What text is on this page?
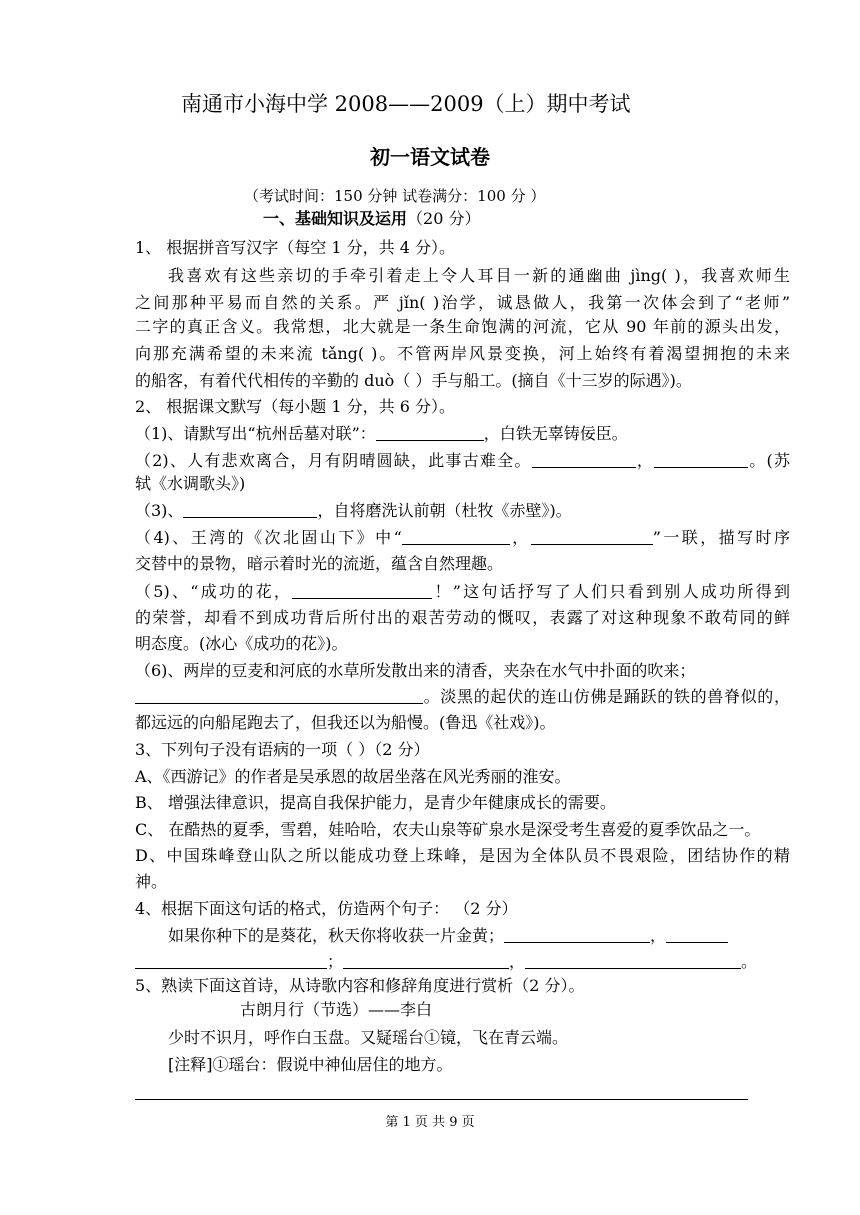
南通市小海中学 2008——2009（上）期中考试
初一语文试卷
（考试时间：150 分钟 试卷满分：100 分 ）
一、基础知识及运用（20 分）
1、 根据拼音写汉字（每空 1 分，共 4 分）。
我喜欢有这些亲切的手牵引着走上令人耳目一新的通幽曲 jìng( )，我喜欢师生
之间那种平易而自然的关系。严 jǐn( )治学，诚恳做人，我第一次体会到了“老师”
二字的真正含义。我常想，北大就是一条生命饱满的河流，它从 90 年前的源头出发，
向那充满希望的未来流 tǎng( )。不管两岸风景变换，河上始终有着渴望拥抱的未来
的船客，有着代代相传的辛勤的 duò（ ）手与船工。(摘自《十三岁的际遇》)。
2、 根据课文默写（每小题 1 分，共 6 分）。
（1)、请默写出“杭州岳墓对联”：	，白铁无辜铸佞臣。
（2)、人有悲欢离合，月有阴晴圆缺，此事古难全。	，	。(苏
轼《水调歌头》)
（3)、	，自将磨洗认前朝（杜牧《赤壁》)。
（4)、王湾的《次北固山下》中“	，	”一联，描写时序
交替中的景物，暗示着时光的流逝，蕴含自然理趣。
（5)、“成功的花，	！”这句话抒写了人们只看到别人成功所得到
的荣誉，却看不到成功背后所付出的艰苦劳动的慨叹，表露了对这种现象不敢苟同的鲜
明态度。(冰心《成功的花》)。
（6)、两岸的豆麦和河底的水草所发散出来的清香，夹杂在水气中扑面的吹来；
。淡黑的起伏的连山仿佛是踊跃的铁的兽脊似的，
都远远的向船尾跑去了，但我还以为船慢。(鲁迅《社戏》)。
3、下列句子没有语病的一项（ ）（2 分）
A、《西游记》的作者是吴承恩的故居坐落在风光秀丽的淮安。
B、 增强法律意识，提高自我保护能力，是青少年健康成长的需要。
C、 在酷热的夏季，雪碧，娃哈哈，农夫山泉等矿泉水是深受考生喜爱的夏季饮品之一。
D、中国珠峰登山队之所以能成功登上珠峰，是因为全体队员不畏艰险，团结协作的精
神。
4、根据下面这句话的格式，仿造两个句子： （2 分）
如果你种下的是葵花，秋天你将收获一片金黄；	，
；	，	。
5、熟读下面这首诗，从诗歌内容和修辞角度进行赏析（2 分）。
古朗月行（节选）——李白
少时不识月，呼作白玉盘。又疑瑶台①镜，飞在青云端。
[注释]①瑶台：假说中神仙居住的地方。
第 1 页 共 9 页
